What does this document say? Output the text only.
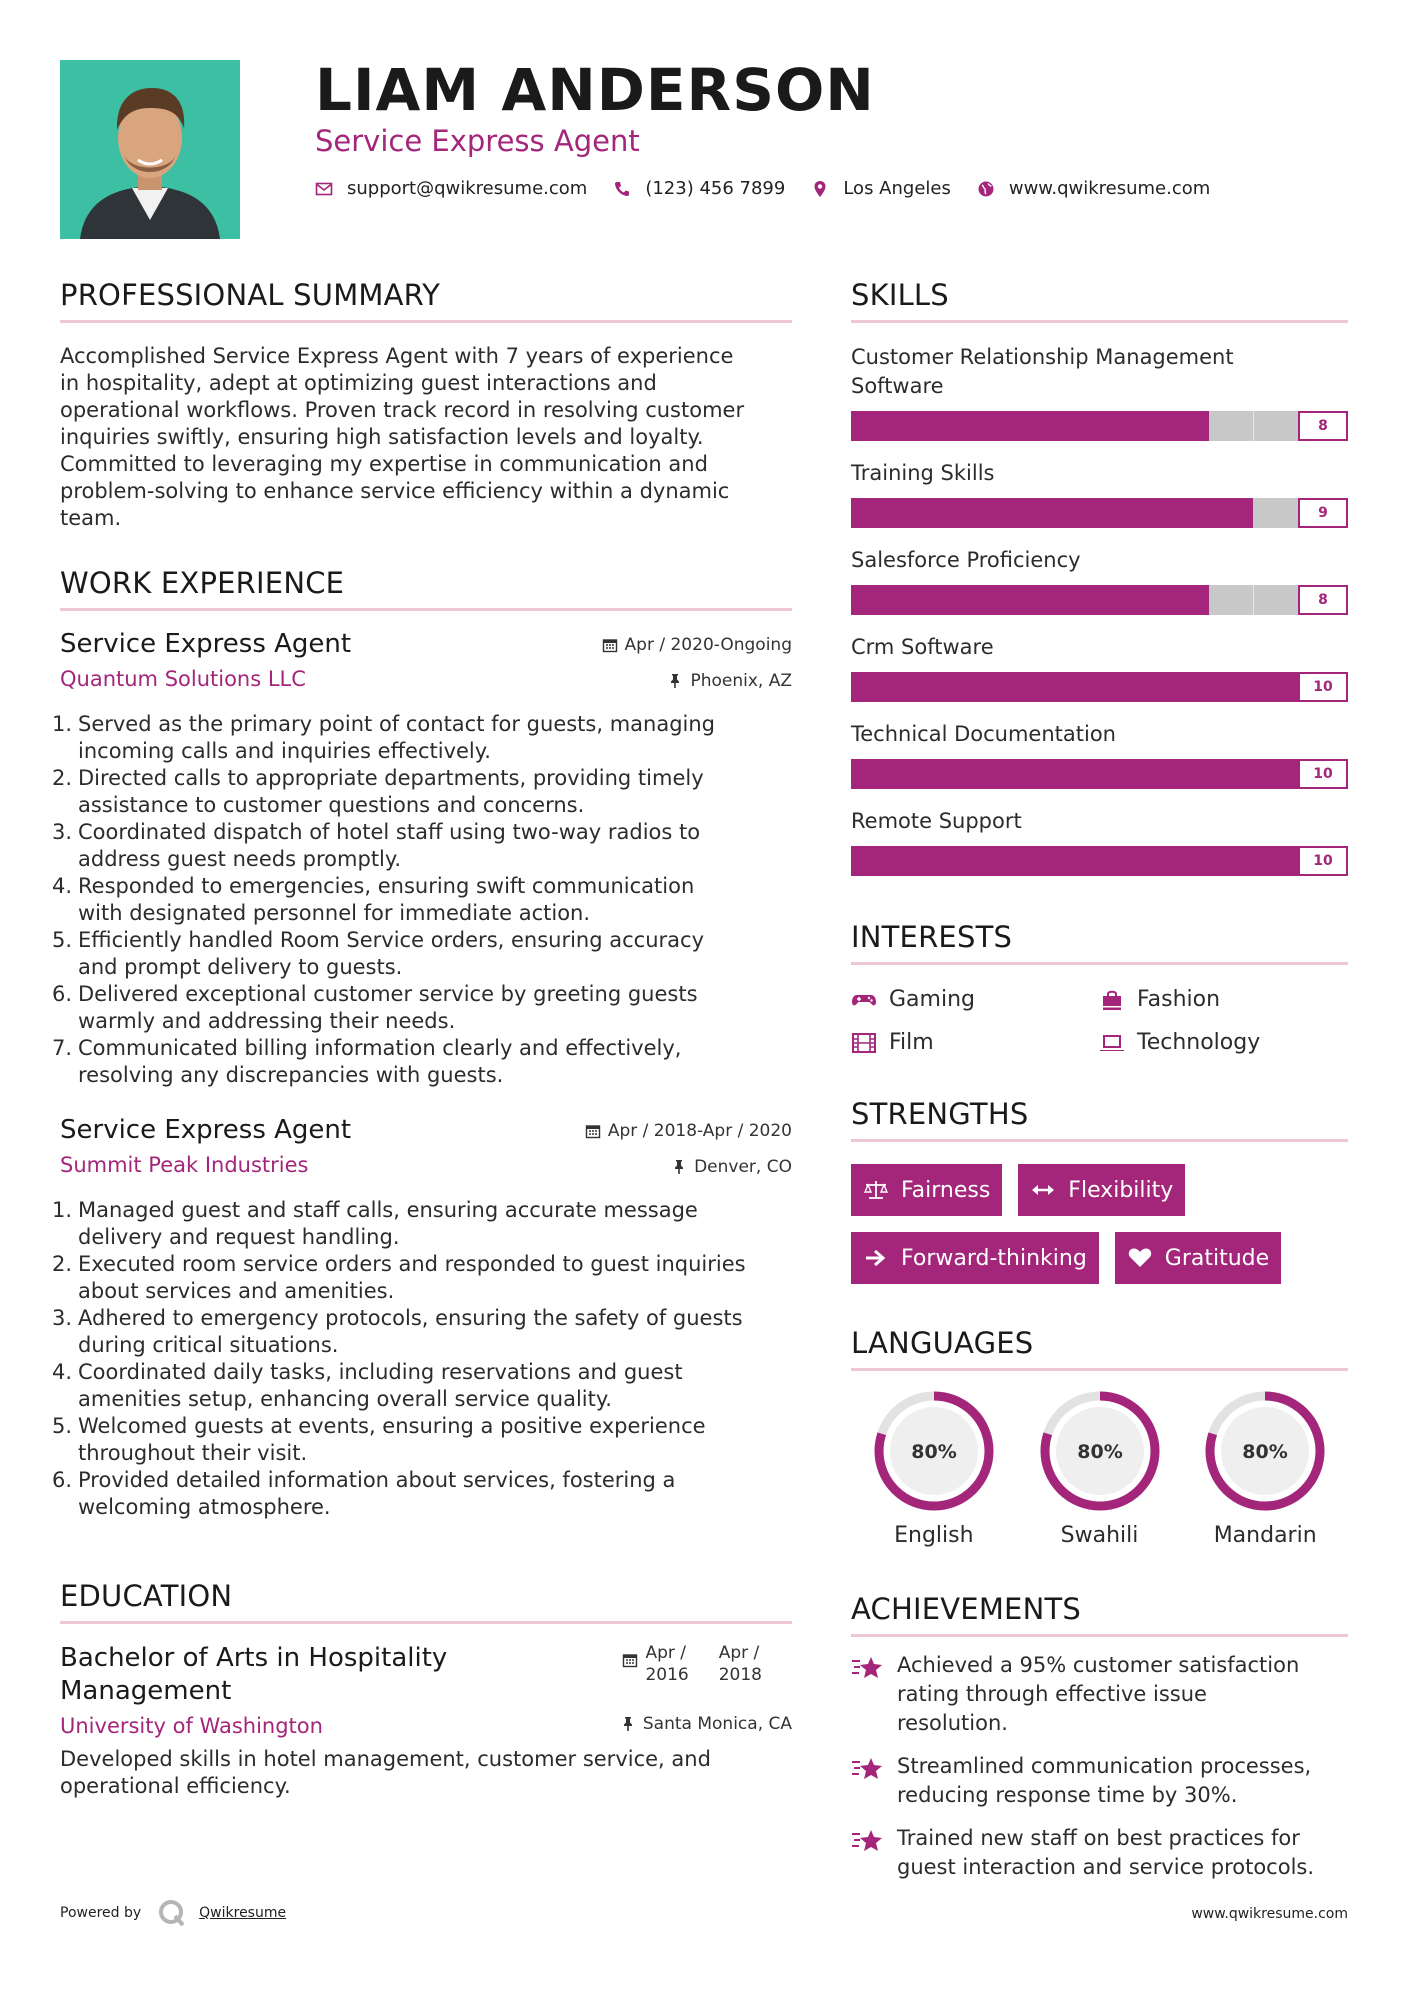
LIAM ANDERSON
Service Express Agent
support@qwikresume.com	(123) 456 7899	Los Angeles	www.qwikresume.com
PROFESSIONAL SUMMARY
Accomplished Service Express Agent with 7 years of experience
in hospitality, adept at optimizing guest interactions and
operational workflows. Proven track record in resolving customer
inquiries swiftly, ensuring high satisfaction levels and loyalty.
Committed to leveraging my expertise in communication and
problem-solving to enhance service efficiency within a dynamic
team.
WORK EXPERIENCE
Service Express Agent
Quantum Solutions LLC
Apr / 2020-Ongoing
Phoenix, AZ
1. Served as the primary point of contact for guests, managing
incoming calls and inquiries effectively.
2. Directed calls to appropriate departments, providing timely
assistance to customer questions and concerns.
3. Coordinated dispatch of hotel staff using two-way radios to
address guest needs promptly.
4. Responded to emergencies, ensuring swift communication
with designated personnel for immediate action.
5. Efficiently handled Room Service orders, ensuring accuracy
and prompt delivery to guests.
6. Delivered exceptional customer service by greeting guests
warmly and addressing their needs.
7. Communicated billing information clearly and effectively,
resolving any discrepancies with guests.
Service Express Agent
Summit Peak Industries
Apr / 2018-Apr / 2020
Denver, CO
1. Managed guest and staff calls, ensuring accurate message
delivery and request handling.
2. Executed room service orders and responded to guest inquiries
about services and amenities.
3. Adhered to emergency protocols, ensuring the safety of guests
during critical situations.
4. Coordinated daily tasks, including reservations and guest
amenities setup, enhancing overall service quality.
5. Welcomed guests at events, ensuring a positive experience
throughout their visit.
6. Provided detailed information about services, fostering a
welcoming atmosphere.
EDUCATION
Bachelor of Arts in Hospitality
Management
Apr /
2016
Apr /
2018
University of Washington	Santa Monica, CA
Developed skills in hotel management, customer service, and
operational efficiency.
SKILLS
Customer Relationship Management
Software
8
Training Skills
9
Salesforce Proficiency
8
Crm Software
10
Technical Documentation
10
Remote Support
10
INTERESTS
Gaming	Fashion
Film	Technology
STRENGTHS
Fairness	Flexibility
Forward-thinking	Gratitude
LANGUAGES
80%
English
80%
Swahili
80%
Mandarin
ACHIEVEMENTS
Achieved a 95% customer satisfaction
rating through effective issue
resolution.
Streamlined communication processes,
reducing response time by 30%.
Trained new staff on best practices for
guest interaction and service protocols.
Powered by	Qwikresume	www.qwikresume.com
